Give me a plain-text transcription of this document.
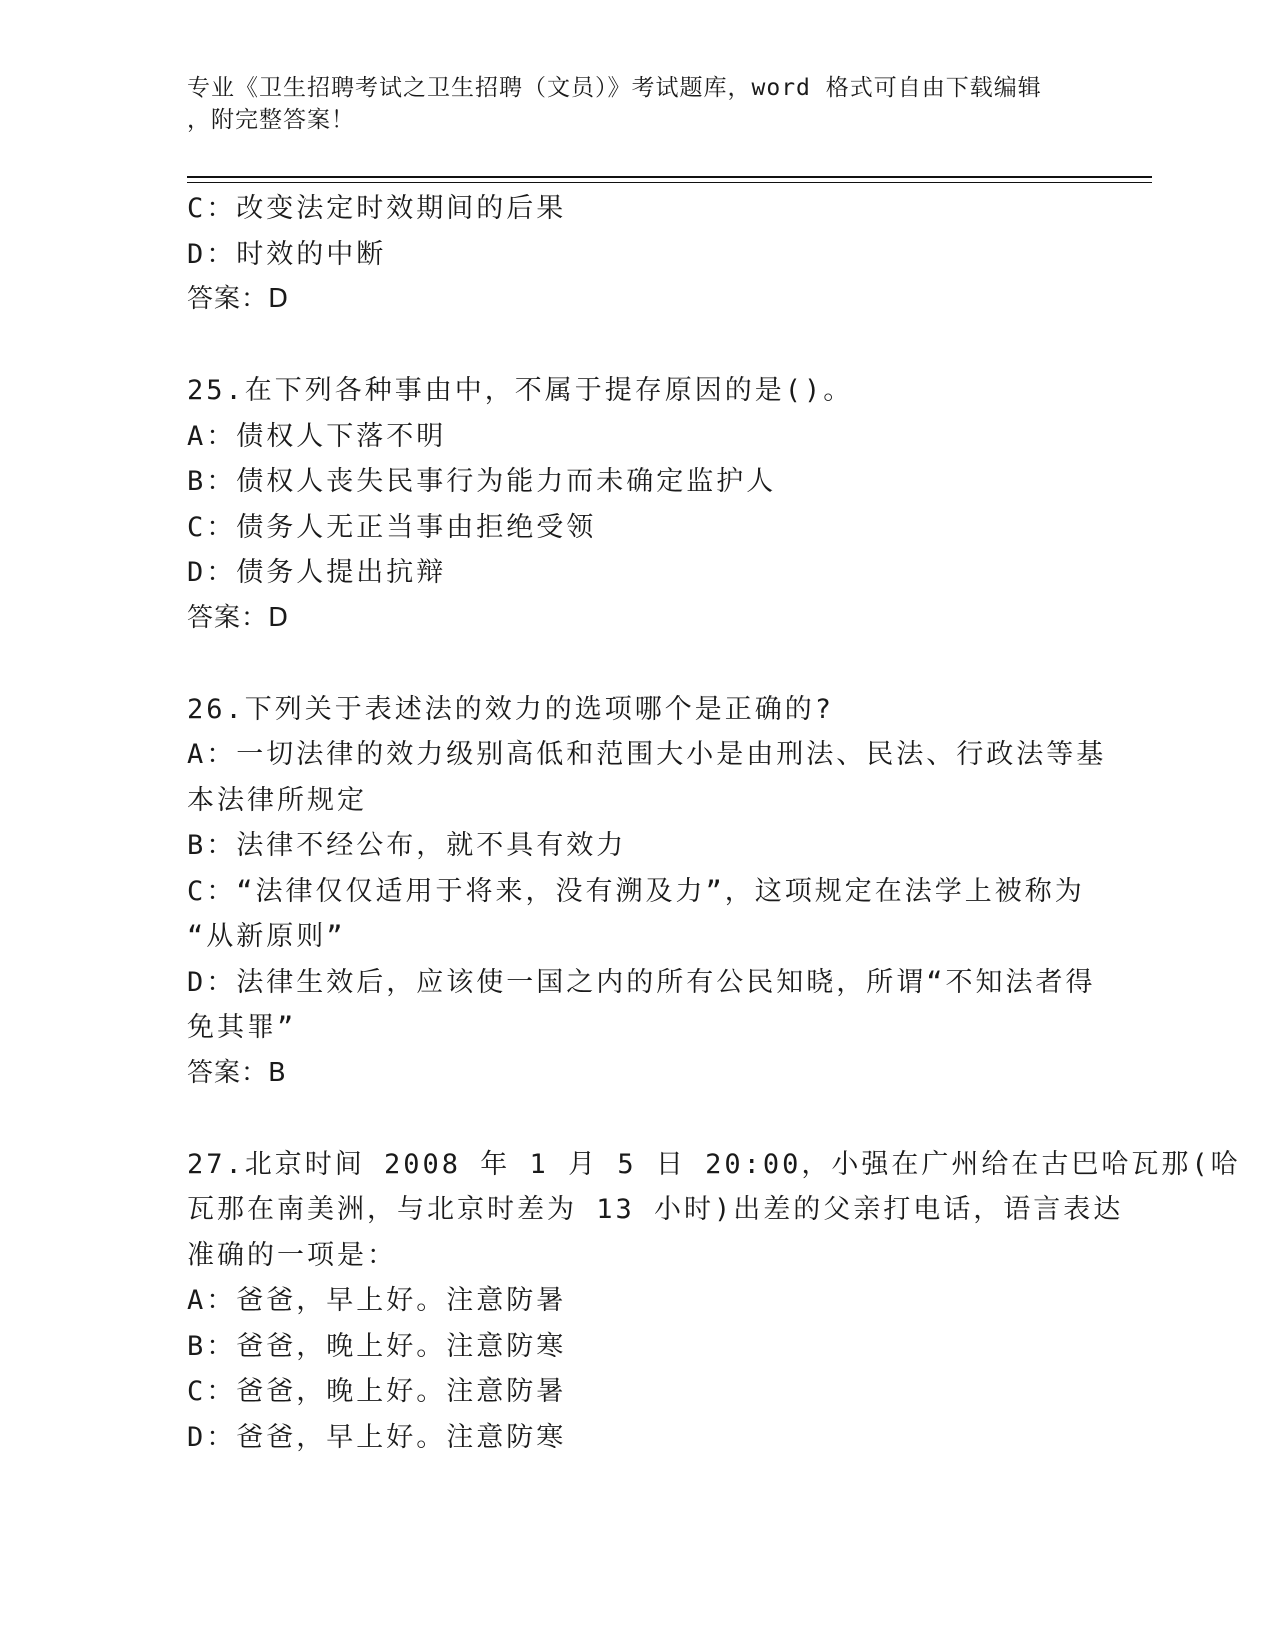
专业《卫生招聘考试之卫生招聘（文员）》考试题库，word 格式可自由下载编辑
，附完整答案！
C：改变法定时效期间的后果
D：时效的中断
答案：D
25.在下列各种事由中，不属于提存原因的是()。
A：债权人下落不明
B：债权人丧失民事行为能力而未确定监护人
C：债务人无正当事由拒绝受领
D：债务人提出抗辩
答案：D
26.下列关于表述法的效力的选项哪个是正确的?
A：一切法律的效力级别高低和范围大小是由刑法、民法、行政法等基
本法律所规定
B：法律不经公布，就不具有效力
C：“法律仅仅适用于将来，没有溯及力”，这项规定在法学上被称为
“从新原则”
D：法律生效后，应该使一国之内的所有公民知晓，所谓“不知法者得
免其罪”
答案：B
27.北京时间 2008 年 1 月 5 日 20:00，小强在广州给在古巴哈瓦那(哈
瓦那在南美洲，与北京时差为 13 小时)出差的父亲打电话，语言表达
准确的一项是：
A：爸爸，早上好。注意防暑
B：爸爸，晚上好。注意防寒
C：爸爸，晚上好。注意防暑
D：爸爸，早上好。注意防寒
